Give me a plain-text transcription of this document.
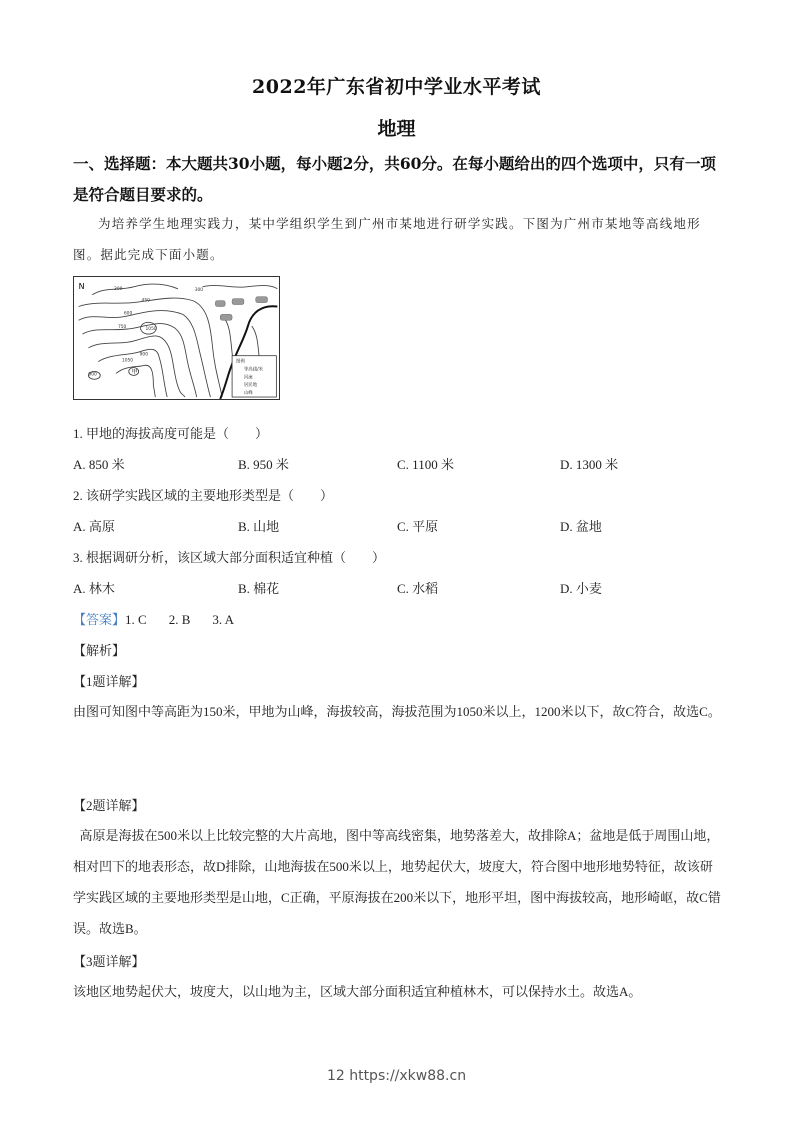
2022年广东省初中学业水平考试
地理
一、选择题：本大题共30小题，每小题2分，共60分。在每小题给出的四个选项中，只有一项是符合题目要求的。
为培养学生地理实践力，某中学组织学生到广州市某地进行研学实践。下图为广州市某地等高线地形图。据此完成下面小题。
N
甲
300
450
600
750	1050
1050
900
900
300
图例
等高线/米
河流
居民地
山峰
1. 甲地的海拔高度可能是（　　）
A. 850 米	B. 950 米	C. 1100 米	D. 1300 米
2. 该研学实践区域的主要地形类型是（　　）
A. 高原	B. 山地	C. 平原	D. 盆地
3. 根据调研分析，该区域大部分面积适宜种植（　　）
A. 林木	B. 棉花	C. 水稻	D. 小麦
【答案】1. C 2. B 3. A
【解析】
【1题详解】
由图可知图中等高距为150米，甲地为山峰，海拔较高，海拔范围为1050米以上，1200米以下，故C符合，故选C。
【2题详解】
高原是海拔在500米以上比较完整的大片高地，图中等高线密集，地势落差大，故排除A；盆地是低于周围山地，相对凹下的地表形态，故D排除，山地海拔在500米以上，地势起伏大，坡度大，符合图中地形地势特征，故该研学实践区域的主要地形类型是山地，C正确，平原海拔在200米以下，地形平坦，图中海拔较高，地形崎岖，故C错误。故选B。
【3题详解】
该地区地势起伏大，坡度大，以山地为主，区域大部分面积适宜种植林木，可以保持水土。故选A。
12 https://xkw88.cn
